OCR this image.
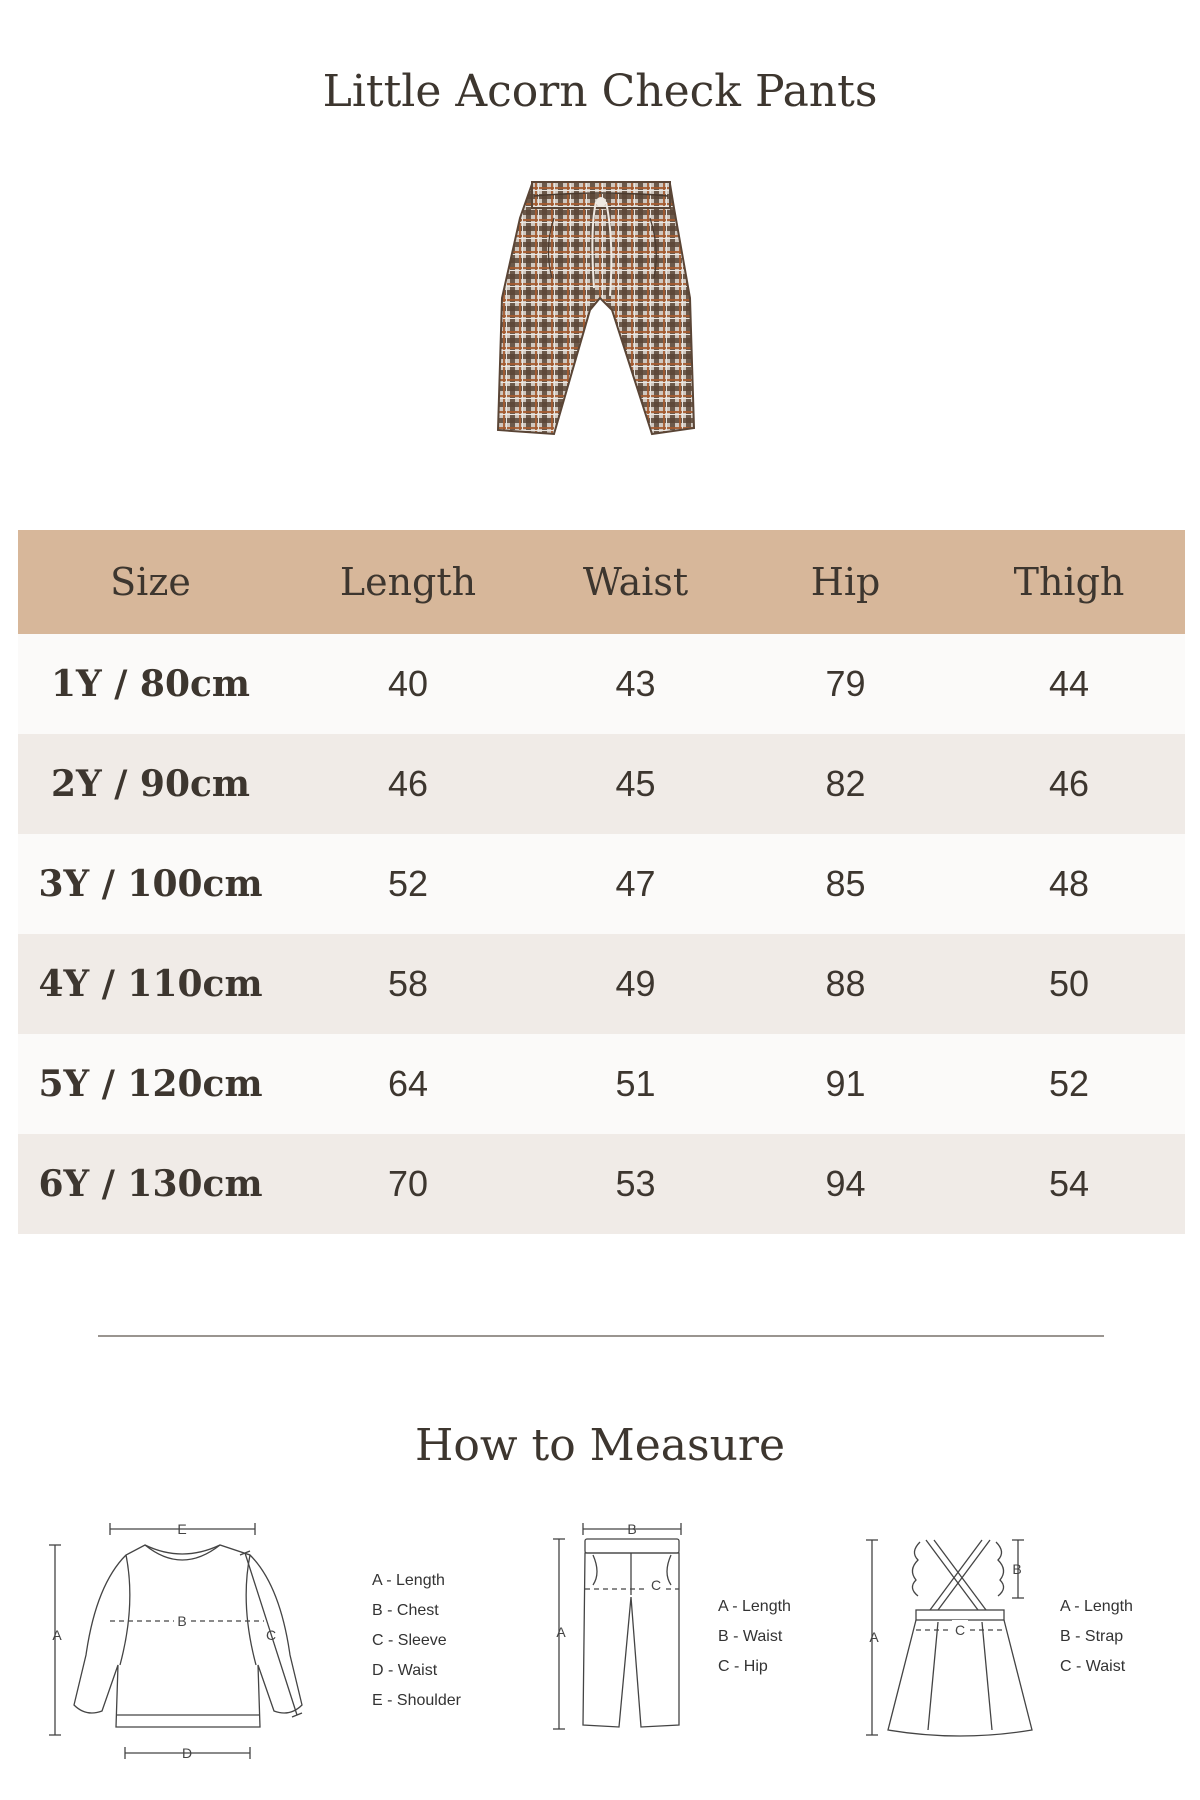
Little Acorn Check Pants
Size	Length	Waist	Hip	Thigh
1Y / 80cm	40	43	79	44
2Y / 90cm	46	45	82	46
3Y / 100cm	52	47	85	48
4Y / 110cm	58	49	88	50
5Y / 120cm	64	51	91	52
6Y / 130cm	70	53	94	54
How to Measure
E
A
B
C
D
A - Length
B - Chest
C - Sleeve
D - Waist
E - Shoulder
B
A
C
A - Length
B - Waist
C - Hip
A
B
C
A - Length
B - Strap
C - Waist
